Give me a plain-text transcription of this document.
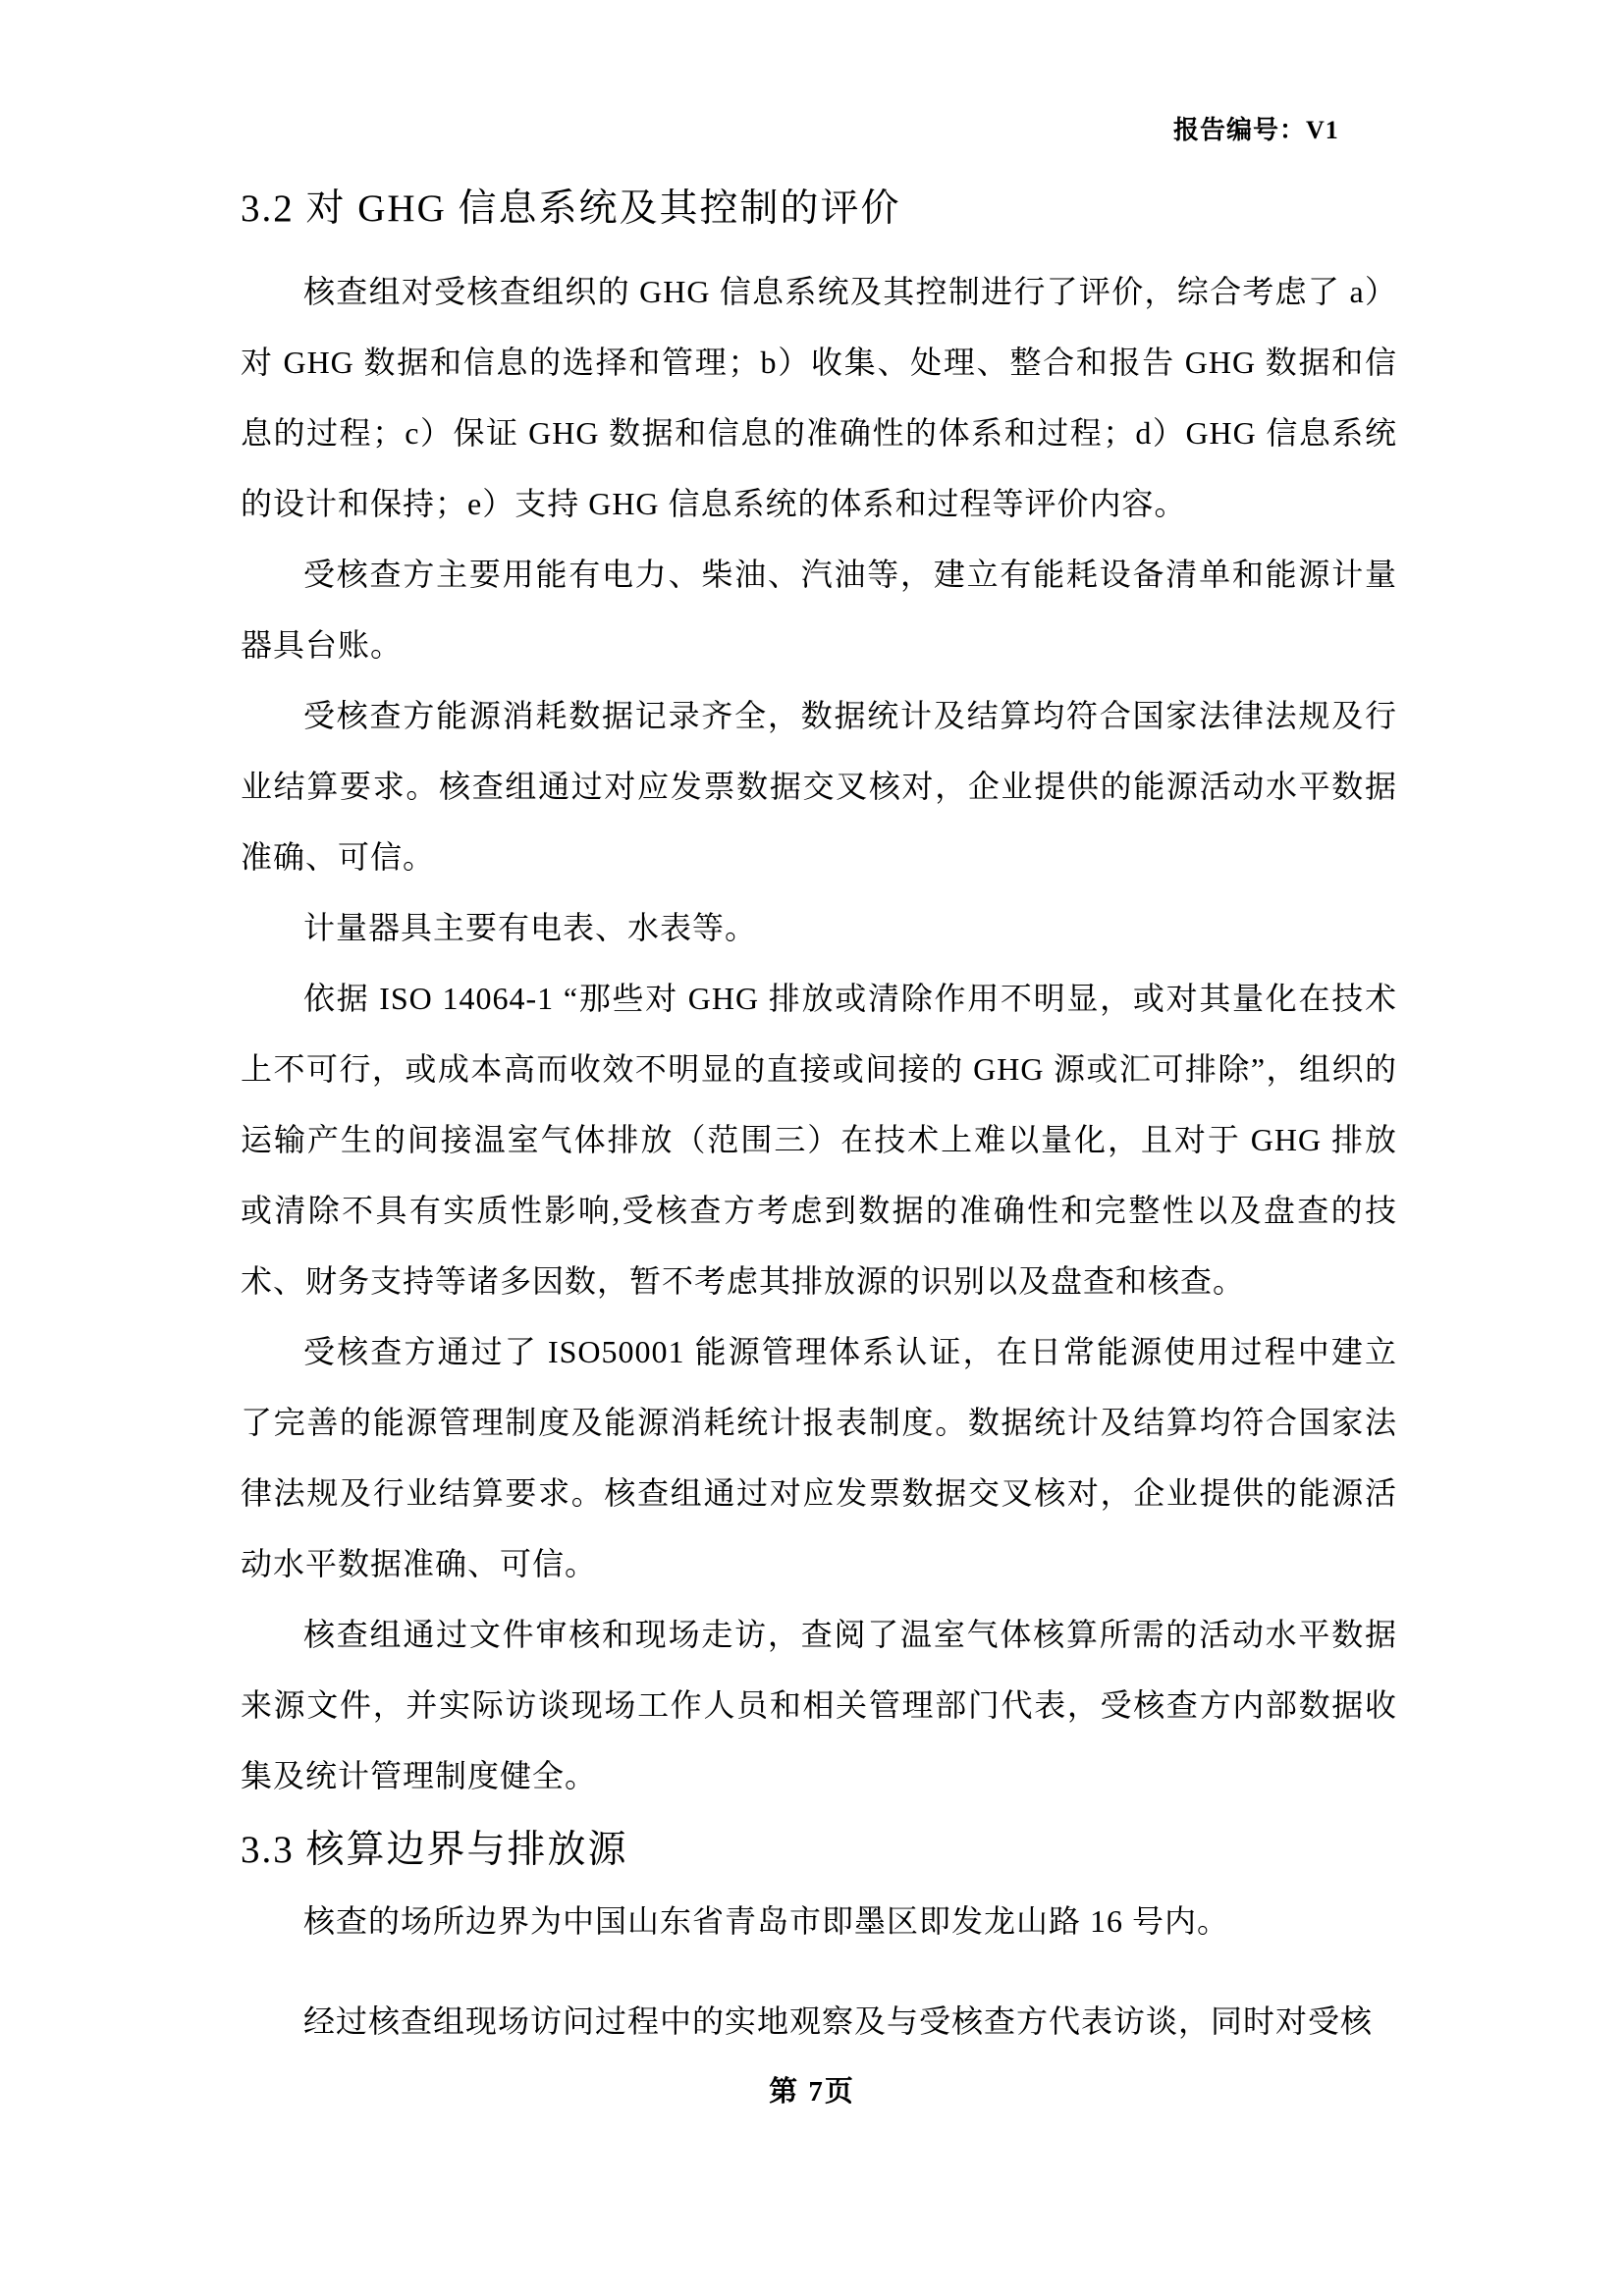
报告编号：V1
3.2 对 GHG 信息系统及其控制的评价

核查组对受核查组织的 GHG 信息系统及其控制进行了评价，综合考虑了 a）对 GHG 数据和信息的选择和管理；b）收集、处理、整合和报告 GHG 数据和信息的过程；c）保证 GHG 数据和信息的准确性的体系和过程；d）GHG 信息系统的设计和保持；e）支持 GHG 信息系统的体系和过程等评价内容。

受核查方主要用能有电力、柴油、汽油等，建立有能耗设备清单和能源计量器具台账。

受核查方能源消耗数据记录齐全，数据统计及结算均符合国家法律法规及行业结算要求。核查组通过对应发票数据交叉核对，企业提供的能源活动水平数据准确、可信。

计量器具主要有电表、水表等。

依据 ISO 14064-1 “那些对 GHG 排放或清除作用不明显，或对其量化在技术上不可行，或成本高而收效不明显的直接或间接的 GHG 源或汇可排除”，组织的运输产生的间接温室气体排放（范围三）在技术上难以量化，且对于 GHG 排放或清除不具有实质性影响,受核查方考虑到数据的准确性和完整性以及盘查的技术、财务支持等诸多因数，暂不考虑其排放源的识别以及盘查和核查。

受核查方通过了 ISO50001 能源管理体系认证，在日常能源使用过程中建立了完善的能源管理制度及能源消耗统计报表制度。数据统计及结算均符合国家法律法规及行业结算要求。核查组通过对应发票数据交叉核对，企业提供的能源活动水平数据准确、可信。

核查组通过文件审核和现场走访，查阅了温室气体核算所需的活动水平数据来源文件，并实际访谈现场工作人员和相关管理部门代表，受核查方内部数据收集及统计管理制度健全。

3.3 核算边界与排放源

核查的场所边界为中国山东省青岛市即墨区即发龙山路 16 号内。

经过核查组现场访问过程中的实地观察及与受核查方代表访谈，同时对受核

第 7页
